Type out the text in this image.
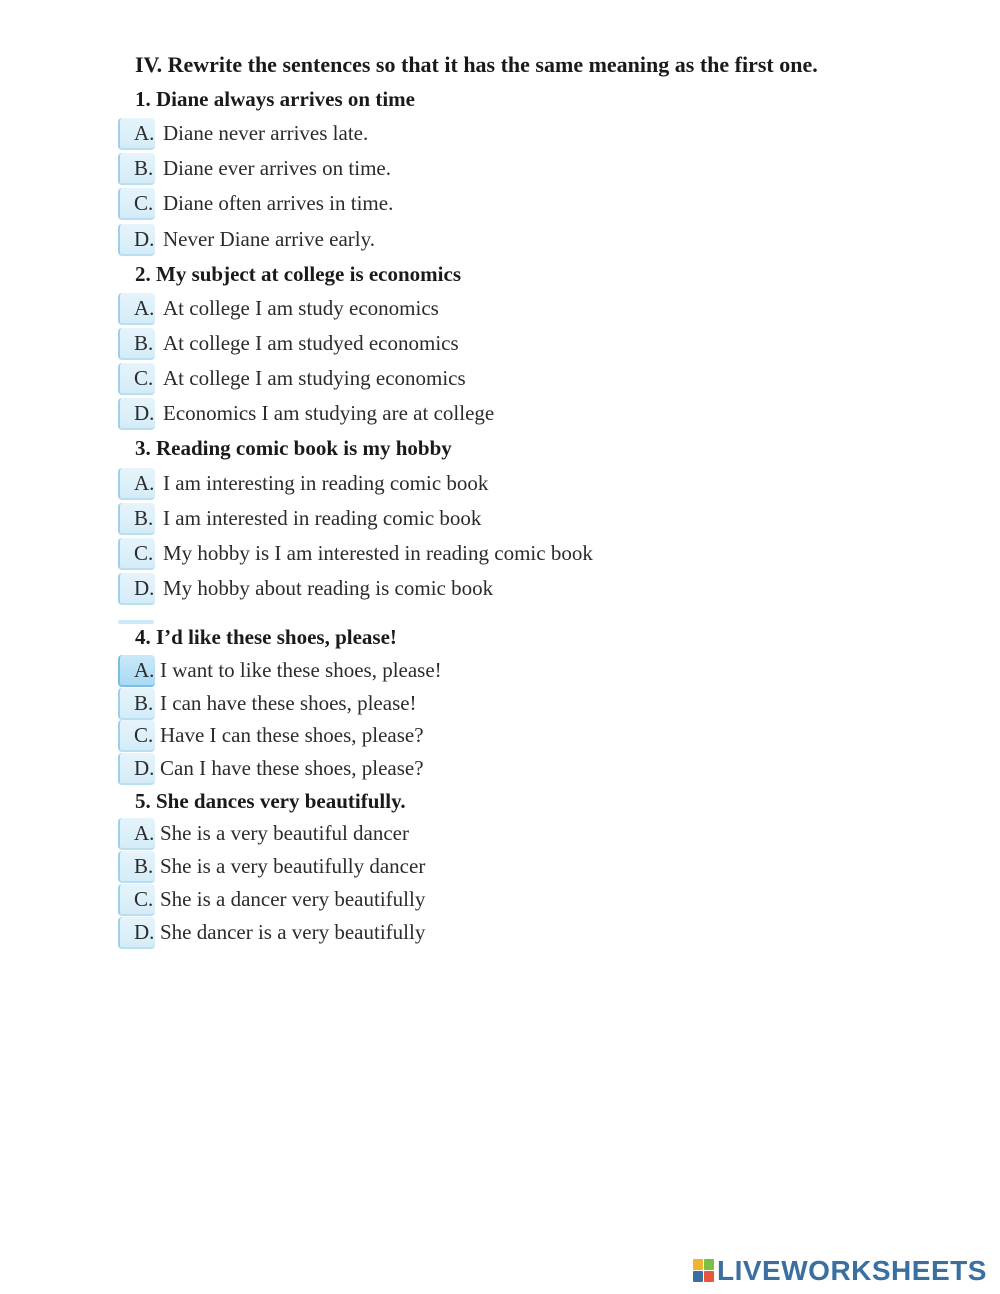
IV. Rewrite the sentences so that it has the same meaning as the first one.
1. Diane always arrives on time
A. Diane never arrives late.
B. Diane ever arrives on time.
C. Diane often arrives in time.
D. Never Diane arrive early.
2. My subject at college is economics
A. At college I am study economics
B. At college I am studyed economics
C. At college I am studying economics
D. Economics I am studying are at college
3. Reading comic book is my hobby
A. I am interesting in reading comic book
B. I am interested in reading comic book
C. My hobby is I am interested in reading comic book
D. My hobby about reading is comic book
4. I’d like these shoes, please!
A. I want to like these shoes, please!
B. I can have these shoes, please!
C. Have I can these shoes, please?
D. Can I have these shoes, please?
5. She dances very beautifully.
A. She is a very beautiful dancer
B. She is a very beautifully dancer
C. She is a dancer very beautifully
D. She dancer is a very beautifully
LIVEWORKSHEETS
